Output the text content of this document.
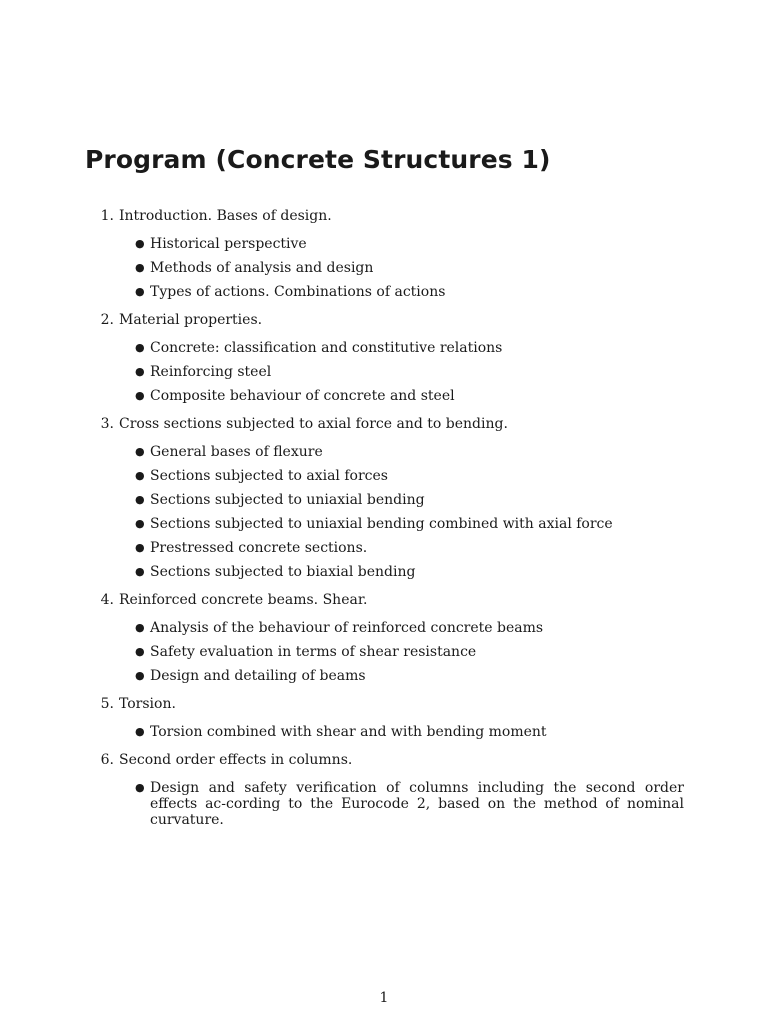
Program (Concrete Structures 1)
1. Introduction. Bases of design.
● Historical perspective
● Methods of analysis and design
● Types of actions. Combinations of actions
2. Material properties.
● Concrete: classification and constitutive relations
● Reinforcing steel
● Composite behaviour of concrete and steel
3. Cross sections subjected to axial force and to bending.
● General bases of flexure
● Sections subjected to axial forces
● Sections subjected to uniaxial bending
● Sections subjected to uniaxial bending combined with axial force
● Prestressed concrete sections.
● Sections subjected to biaxial bending
4. Reinforced concrete beams. Shear.
● Analysis of the behaviour of reinforced concrete beams
● Safety evaluation in terms of shear resistance
● Design and detailing of beams
5. Torsion.
● Torsion combined with shear and with bending moment
6. Second order effects in columns.
● Design and safety verification of columns including the second order effects ac-cording to the Eurocode 2, based on the method of nominal curvature.
1
